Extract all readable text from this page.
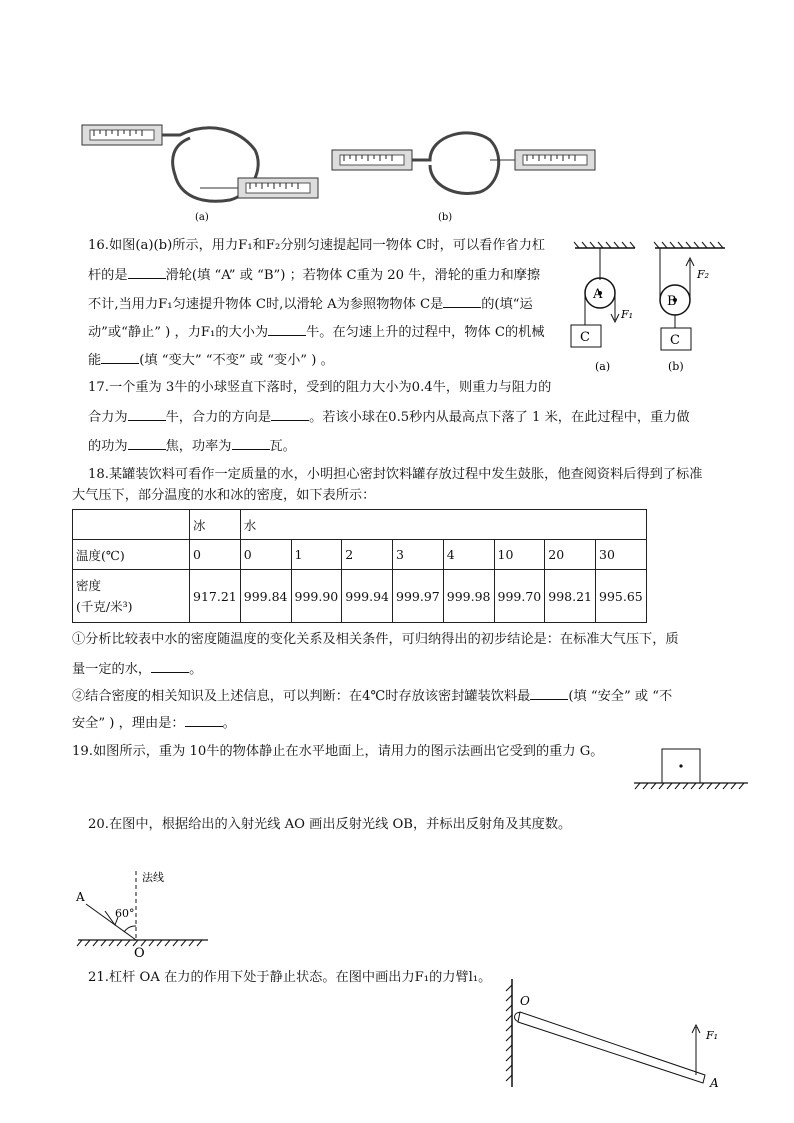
(a)	(b)
16.如图(a)(b)所示，用力F₁和F₂分别匀速提起同一物体 C时，可以看作省力杠
杆的是	滑轮(填 “A” 或 “B”) ；若物体 C重为 20 牛，滑轮的重力和摩擦
不计,当用力F₁匀速提升物体 C时,以滑轮 A为参照物物体 C是	的(填“运
动”或“静止” ) ，力F₁的大小为	牛。在匀速上升的过程中，物体 C的机械
能	(填 “变大” “不变” 或 “变小” ) 。
A
F₁
C
(a)
B
F₂
C
(b)
17.一个重为 3牛的小球竖直下落时，受到的阻力大小为0.4牛，则重力与阻力的
合力为	牛，合力的方向是	。若该小球在0.5秒内从最高点下落了 1 米，在此过程中，重力做
的功为	焦，功率为	瓦。
18.某罐装饮料可看作一定质量的水，小明担心密封饮料罐存放过程中发生鼓胀，他查阅资料后得到了标准
大气压下，部分温度的水和冰的密度，如下表所示：
	冰	水							
温度(℃)	0	0	1	2	3	4	10	20	30
密度
(千克/米³)	917.21	999.84	999.90	999.94	999.97	999.98	999.70	998.21	995.65
①分析比较表中水的密度随温度的变化关系及相关条件，可归纳得出的初步结论是：在标准大气压下，质
量一定的水，	。
②结合密度的相关知识及上述信息，可以判断：在4℃时存放该密封罐装饮料最	(填 “安全” 或 “不
安全” ) ，理由是：	。
19.如图所示，重为 10牛的物体静止在水平地面上，请用力的图示法画出它受到的重力 G。
20.在图中，根据给出的入射光线 AO 画出反射光线 OB，并标出反射角及其度数。
法线
A
60°
O
21.杠杆 OA 在力的作用下处于静止状态。在图中画出力F₁的力臂l₁。
O
F₁
A
